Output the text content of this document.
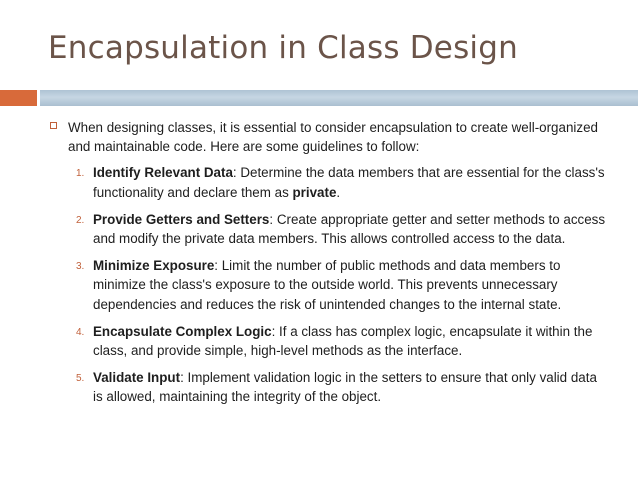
Encapsulation in Class Design
When designing classes, it is essential to consider encapsulation to create well-organized and maintainable code. Here are some guidelines to follow:
1. Identify Relevant Data: Determine the data members that are essential for the class's functionality and declare them as private.
2. Provide Getters and Setters: Create appropriate getter and setter methods to access and modify the private data members. This allows controlled access to the data.
3. Minimize Exposure: Limit the number of public methods and data members to minimize the class's exposure to the outside world. This prevents unnecessary dependencies and reduces the risk of unintended changes to the internal state.
4. Encapsulate Complex Logic: If a class has complex logic, encapsulate it within the class, and provide simple, high-level methods as the interface.
5. Validate Input: Implement validation logic in the setters to ensure that only valid data is allowed, maintaining the integrity of the object.
